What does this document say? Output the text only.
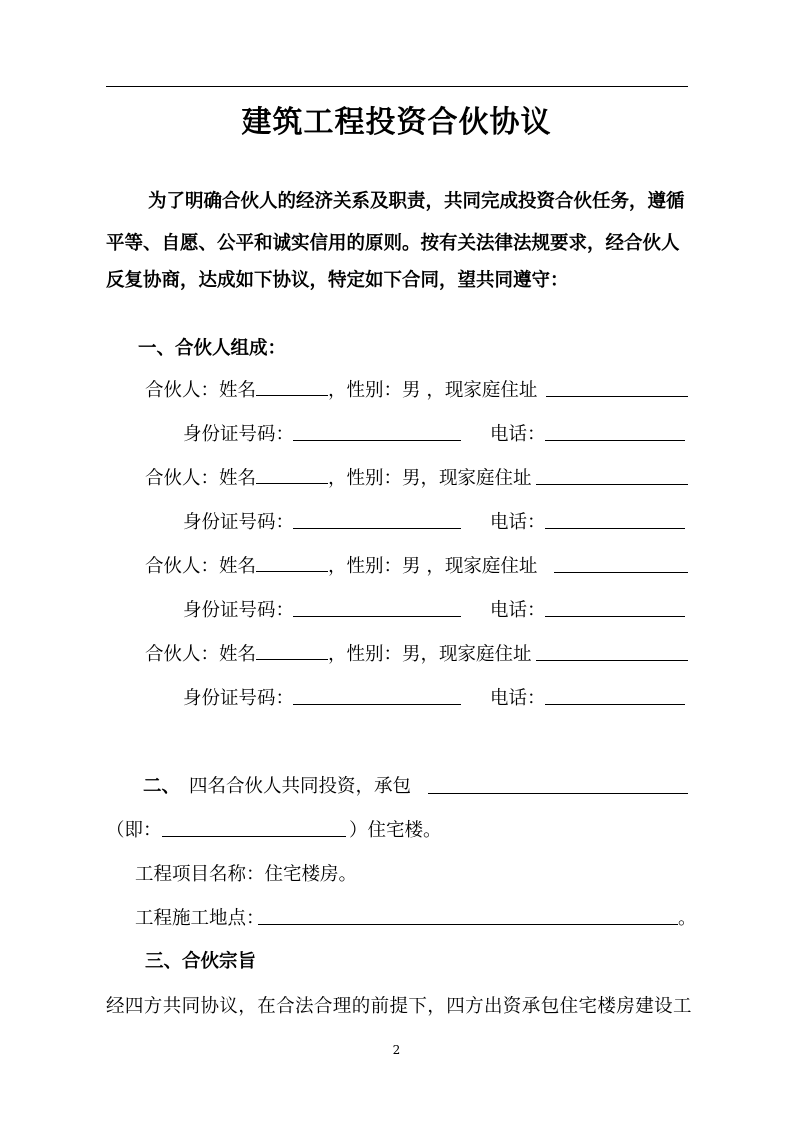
建筑工程投资合伙协议
为了明确合伙人的经济关系及职责，共同完成投资合伙任务，遵循
平等、自愿、公平和诚实信用的原则。按有关法律法规要求，经合伙人
反复协商，达成如下协议，特定如下合同，望共同遵守：
一、合伙人组成：
合伙人：姓名	，性别：男 ，现家庭住址
身份证号码：	电话：
合伙人：姓名	，性别：男，现家庭住址
身份证号码：	电话：
合伙人：姓名	，性别：男 ，现家庭住址
身份证号码：	电话：
合伙人：姓名	，性别：男，现家庭住址
身份证号码：	电话：
二、 四名合伙人共同投资，承包
（即：	）住宅楼。
工程项目名称：住宅楼房。
工程施工地点：	。
三、合伙宗旨
经四方共同协议，在合法合理的前提下，四方出资承包住宅楼房建设工
2
